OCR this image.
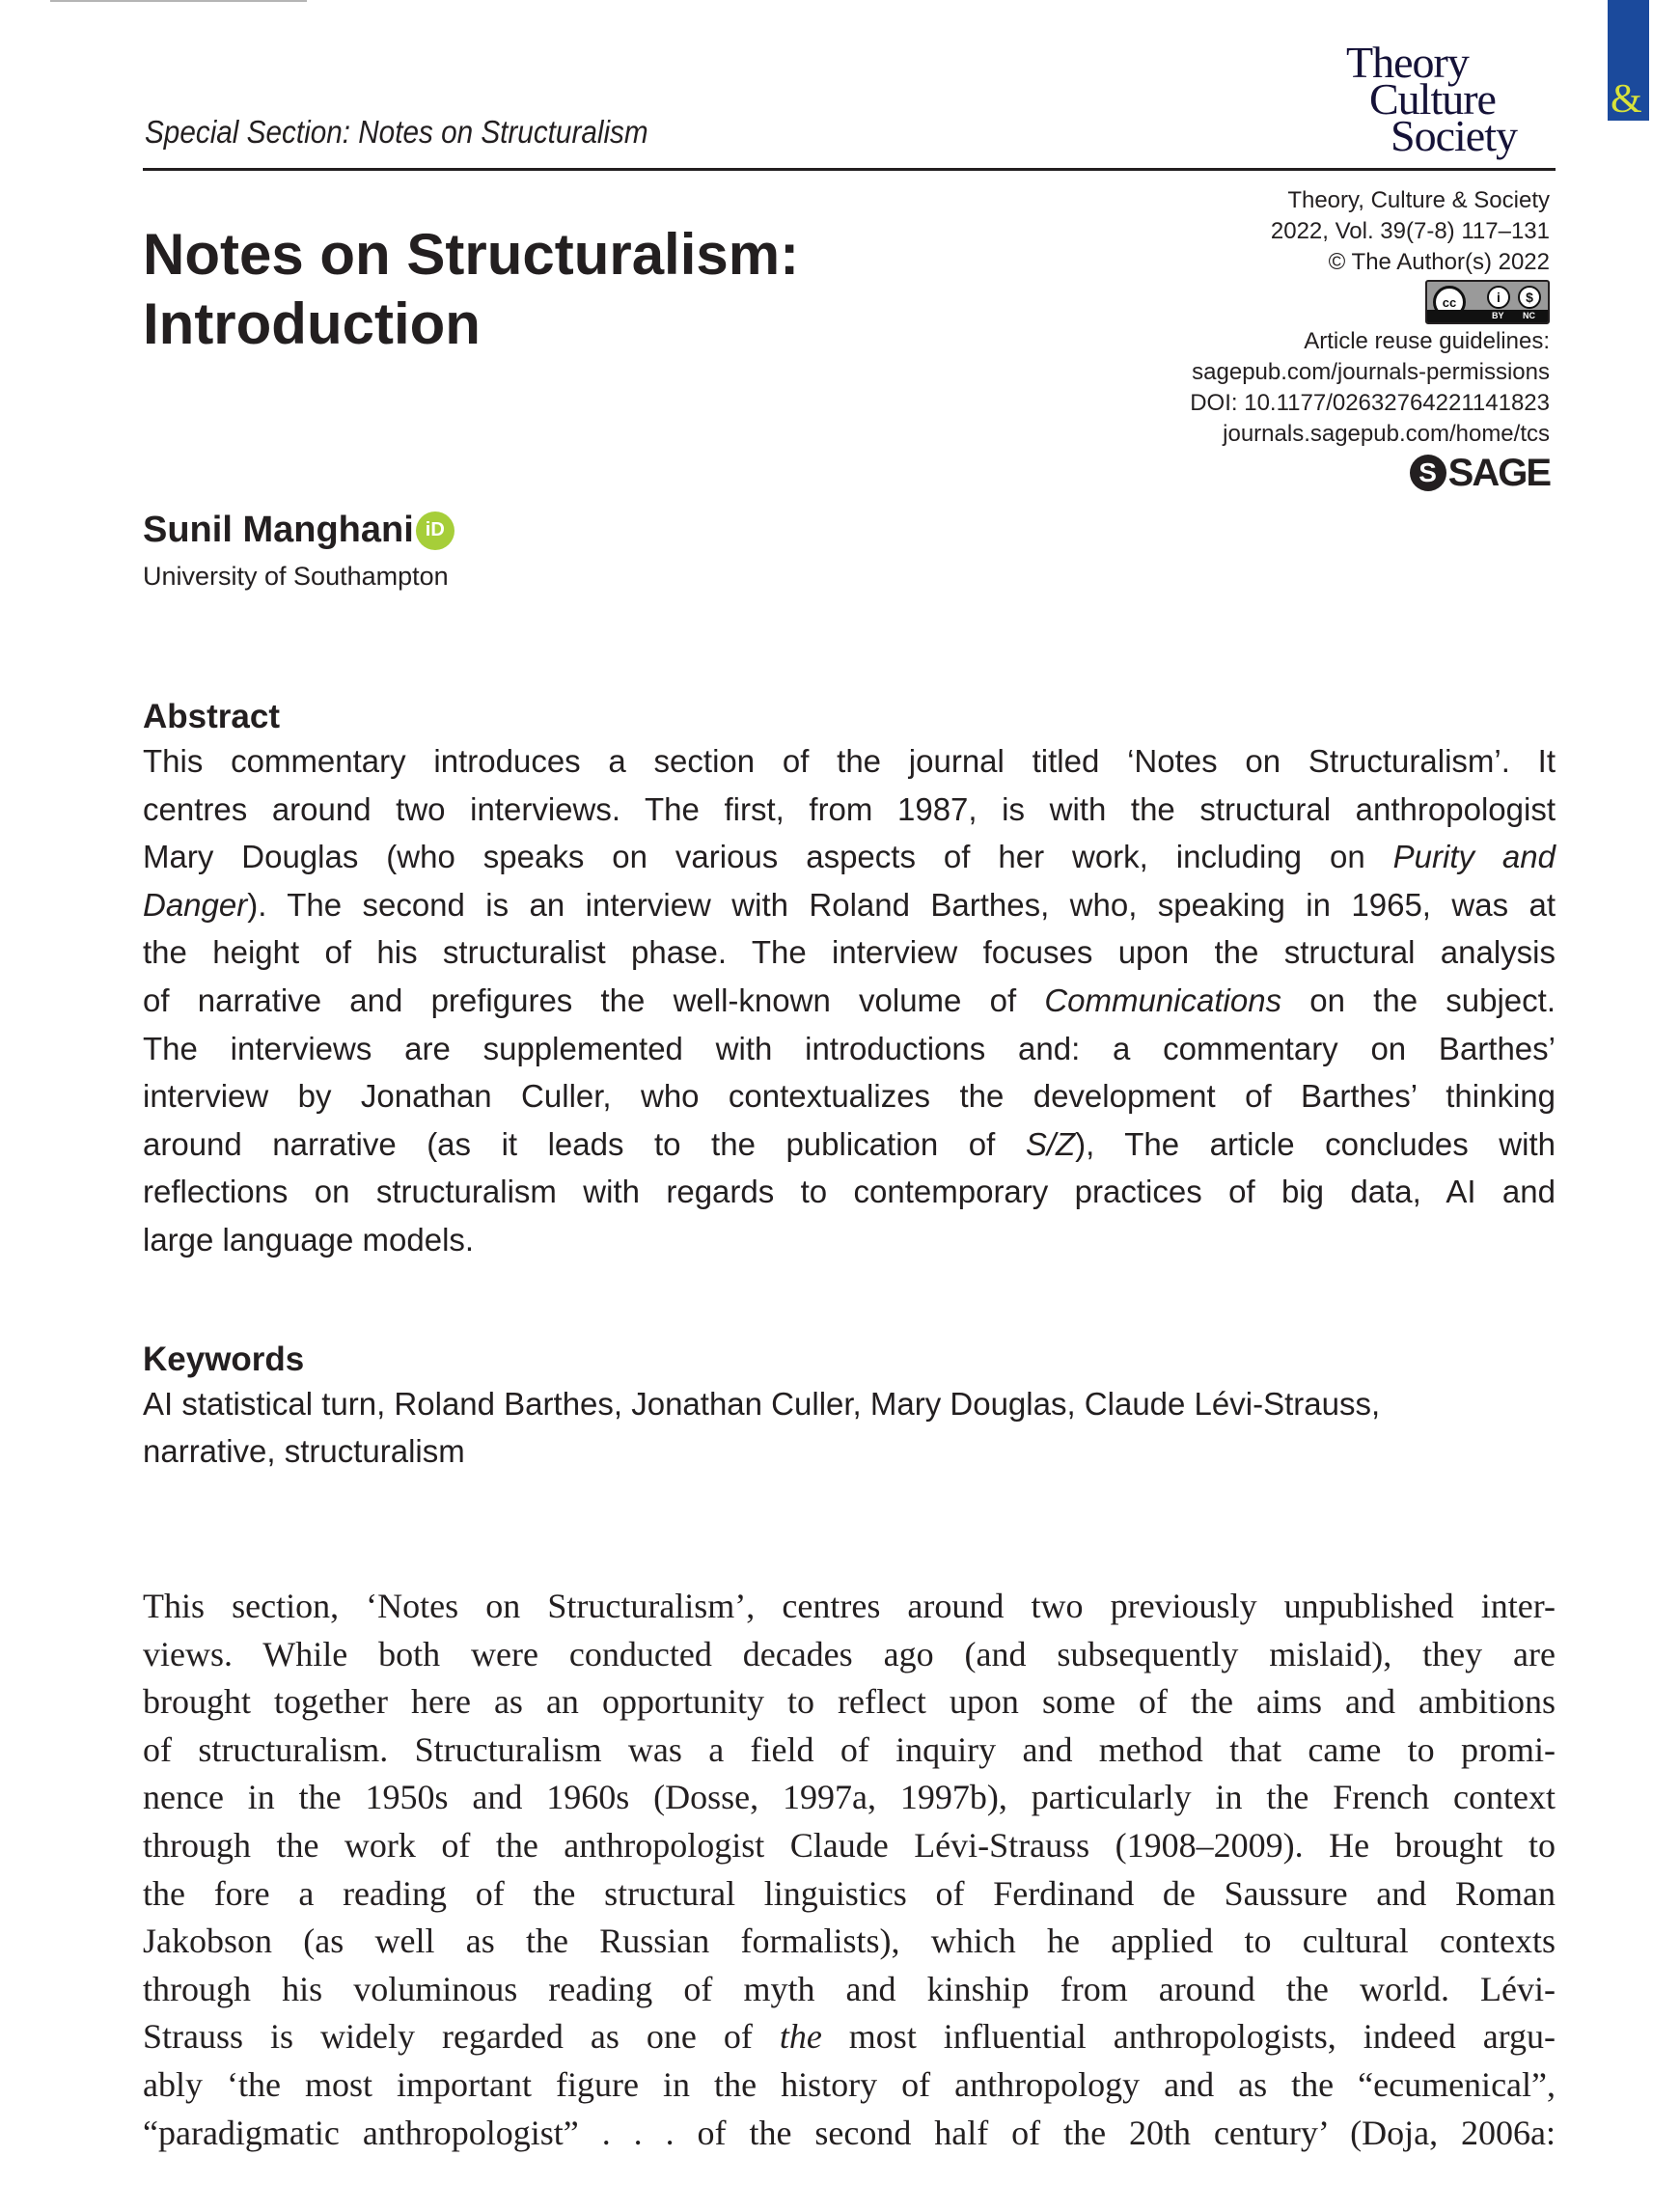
Special Section: Notes on Structuralism
&
Theory
Culture
Society
Notes on Structuralism:
Introduction
Theory, Culture & Society
2022, Vol. 39(7-8) 117–131
© The Author(s) 2022
cc	i	$
BY NC
Article reuse guidelines:
sagepub.com/journals-permissions
DOI: 10.1177/02632764221141823
journals.sagepub.com/home/tcs
S SAGE
Sunil Manghani iD
University of Southampton
Abstract

This commentary introduces a section of the journal titled ‘Notes on Structuralism’. It
centres around two interviews. The first, from 1987, is with the structural anthropologist
Mary Douglas (who speaks on various aspects of her work, including on Purity and
Danger). The second is an interview with Roland Barthes, who, speaking in 1965, was at
the height of his structuralist phase. The interview focuses upon the structural analysis
of narrative and prefigures the well-known volume of Communications on the subject.
The interviews are supplemented with introductions and: a commentary on Barthes’
interview by Jonathan Culler, who contextualizes the development of Barthes’ thinking
around narrative (as it leads to the publication of S/Z), The article concludes with
reflections on structuralism with regards to contemporary practices of big data, AI and
large language models.

Keywords

AI statistical turn, Roland Barthes, Jonathan Culler, Mary Douglas, Claude Lévi-Strauss,
narrative, structuralism

This section, ‘Notes on Structuralism’, centres around two previously unpublished inter-
views. While both were conducted decades ago (and subsequently mislaid), they are
brought together here as an opportunity to reflect upon some of the aims and ambitions
of structuralism. Structuralism was a field of inquiry and method that came to promi-
nence in the 1950s and 1960s (Dosse, 1997a, 1997b), particularly in the French context
through the work of the anthropologist Claude Lévi-Strauss (1908–2009). He brought to
the fore a reading of the structural linguistics of Ferdinand de Saussure and Roman
Jakobson (as well as the Russian formalists), which he applied to cultural contexts
through his voluminous reading of myth and kinship from around the world. Lévi-
Strauss is widely regarded as one of the most influential anthropologists, indeed argu-
ably ‘the most important figure in the history of anthropology and as the “ecumenical”,
“paradigmatic anthropologist” . . . of the second half of the 20th century’ (Doja, 2006a:
